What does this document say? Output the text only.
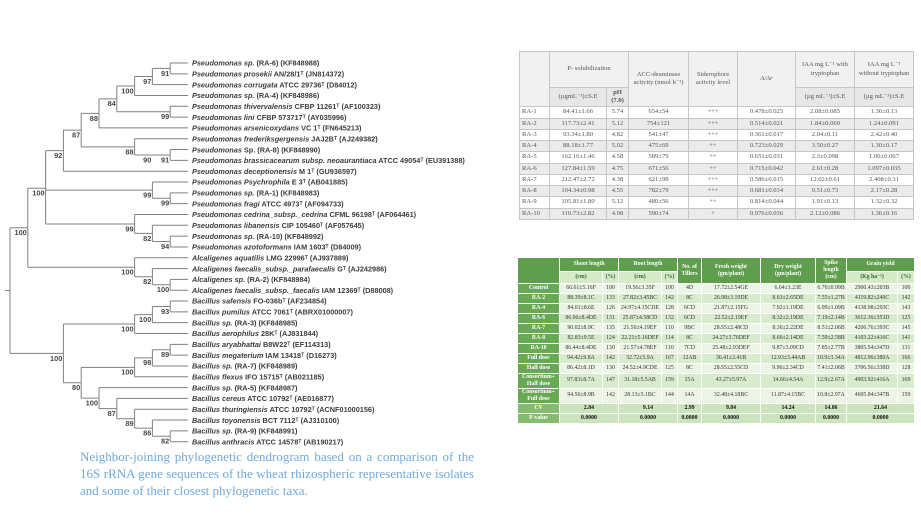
Pseudomonas sp. (RA-6) (KF848988)
Pseudomonas prosekii AN/28/1ᵀ (JN814372)
91
Pseudomonas corrugata ATCC 29736ᵀ (D84012)
97
Pseudomonas sp. (RA-4) (KF848986)
100
Pseudomonas thivervalensis CFBP 11261ᵀ (AF100323)
Pseudomonas lini CFBP 573717ᵀ (AY035996)
99
84
Pseudomonas arsenicoxydans VC 1ᵀ (FN645213)
88
Pseudomonas frederiksgergensis JAJ2Bᵀ (AJ249382)
Pseudomonas Sp. (RA-8) (KF848990)
Pseudomonas brassicacearum subsp. neoaurantiaca ATCC 49054ᵀ (EU391388)
91
90
88
87
Pseudomonas deceptionensis M 1ᵀ (GU936597)
92
Pseudomonas Psychrophila E 3ᵀ (AB041885)
Pseudomonas sp. (RA-1) (KF848983)
Pseudomonas fragi ATCC 4973ᵀ (AF094733)
99
99
Pseudomonas cedrina_subsp._cedrina CFML 96198ᵀ (AF064461)
Pseudomonas libanensis CIP 105460ᵀ (AF057645)
Pseudomonas sp. (RA-10) (KF848992)
Pseudomonas azotoformans IAM 1603ᵀ (D84009)
94
82
99
100
Alcaligenes aquatilis LMG 22996ᵀ (AJ937889)
Alcaligenes faecalis_subsp._parafaecalis Gᵀ (AJ242986)
Alcaligenes sp. (RA-2) (KF848984)
Alcaligenes faecalis_subsp._faecalis IAM 12369ᵀ (D88008)
100
82
100
100
Bacillus safensis FO-036bᵀ (AF234854)
Bacillus pumilus ATCC 7061ᵀ (ABRX01000007)
93
Bacillus sp. (RA-3) (KF848985)
100
Bacillus aerophilus 28Kᵀ (AJ831844)
100
Bacillus aryabhattai B8W22ᵀ (EF114313)
Bacillus megaterium IAM 13418ᵀ (D16273)
89
Bacillus sp. (RA-7) (KF848989)
98
Bacillus flexus IFO 15715ᵀ (AB021185)
100
Bacillus sp. (RA-5) (KF848987)
Bacillus cereus ATCC 10792ᵀ (AE016877)
Bacillus thuringiensis ATCC 10792ᵀ (ACNF01000156)
Bacillus toyonensis BCT 7112ᵀ (AJ310100)
Bacillus sp. (RA-9) (KF848991)
Bacillus anthracis ATCC 14578ᵀ (AB190217)
82
86
89
87
100
80
100
Neighbor-joining phylogenetic dendrogram based on a comparison of the 16S rRNA gene sequences of the wheat rhizospheric representative isolates and some of their closest phylogenetic taxa.
	P- solubilization		ACC-deaminase activity (nmol h⁻¹)	Siderophore activity level	A/Ar	IAA mg L⁻¹ with tryptophan	IAA mg L⁻¹ without tryptophan
	(µgmL⁻¹)±S.E	pH (7.0)				(µg mL⁻¹)±S.E	(µg mL⁻¹)±S.E
RA-1	84.41±1.66	5.74	654±54	+++	0.478±0.025	2.08±0.085	1.36±0.13
RA-2	117.73±2.41	5.12	754±121	+++	0.514±0.021	1.84±0.060	1.24±0.091
RA-3	93.34±1.80	4.82	541±47	+++	0.361±0.017	2.04±0.11	2.42±0.40
RA-4	88.18±1.77	5.02	475±69	++	0.723±0.029	3.50±0.27	1.30±0.17
RA-5	162.16±1.46	4.58	589±79	++	0.651±0.031	2.3±0.098	1.06±0.067
RA-6	127.84±1.59	4.75	671±56	++	0.715±0.042	2.61±0.28	1.097±0.035
RA-7	212.47±2.72	4.38	621±98	+++	0.586±0.015	12.02±0.61	2.408±0.31
RA-8	104.34±0.98	4.55	782±79	+++	0.681±0.034	9.51±0.73	2.17±0.28
RA-9	105.81±1.80	5.12	480±56	++	0.814±0.044	1.91±0.13	1.32±0.32
RA-10	110.73±2.82	4.98	590±74	+	0.976±0.036	2.12±0.086	1.36±0.16
	Shoot length		Root length		No. of Tillers	Fresh weight (gm/plant)	Dry weight (gm/plant)	Spike length (cm)	Grain yield	
	(cm)	(%)	(cm)	(%)					(Kg ha⁻¹)	(%)
Control	66.61±5.16F	100	19.56±3.35F	100	4D	17.72±2.54GE	6.64±1.23E	6.70±0.99B	2900.43±203B	100
RA-2	88.39±8.1C	133	27.82±3.45BC	142	8C	26.98±3.19DE	8.63±2.65DE	7.55±1.27B	4119.82±249C	142
RA-4	84.01±8.6E	126	24.97±4.15CDE	128	6CD	21.87±2.15FG	7.92±1.19DE	6.99±1.09B	4138.98±293C	143
RA-6	86.96±8.4DE	131	25.87±4.58CD	132	6CD	22.52±2.19EF	8.32±2.19DE	7.19±2.14B	3612.36±353D	125
RA-7	90.02±8.9C	135	21.56±4.19EF	110	9BC	28.55±2.48CD	8.36±2.22DE	8.51±2.06B	4206.76±393C	145
RA-8	82.83±9.5E	124	22.21±5.16DEF	114	8C	24.27±3.76DEF	8.66±2.14DE	7.59±2.58B	4103.22±416C	141
RA-10	86.44±8.4DE	130	21.57±4.78EF	110	7CD	25.48±2.93DEF	9.87±3.09CD	7.85±2.77B	3805.54±347D	131
Full dose	94.42±9.8A	142	32.72±5.9A	167	12AB	36.41±2.41B	12.93±3.44AB	10.9±3.34A	4812.96±389A	166
Half dose	86.42±8.1D	130	24.52±4.9CDE	125	8C	28.55±2.55CD	9.96±2.34CD	7.41±2.06B	3706.56±338D	128
Consortium+ Half dose	97.83±8.7A	147	31.18±5.5AB	159	15A	43.27±5.97A	14.66±4.54A	12.9±2.67A	4903.92±416A	169
Consortium+ Full dose	94.56±8.9B	142	28.13±5.1BC	144	14A	32.48±4.18BC	11.87±4.15BC	10.8±2.97A	4605.84±347B	159
CV	2.84		9.14		2.99	9.84	14.24	14.86	21.64	
P-value	0.0000		0.0000		0.0000	0.0000	0.0000	0.0000	0.0000	
